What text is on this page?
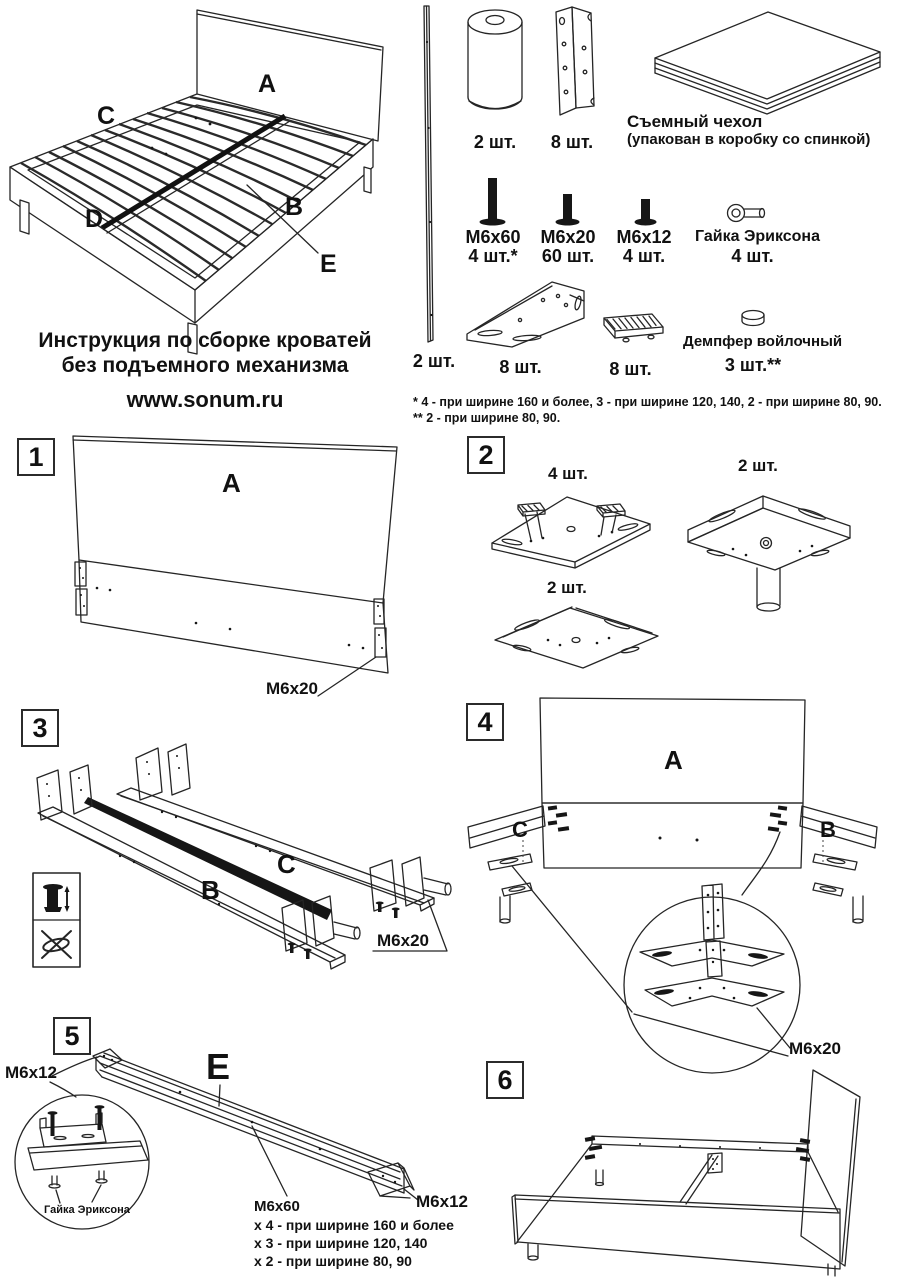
Инструкция по сборке кроватей
без подъемного механизма
www.sonum.ru
A
C
D	B
E
2 шт.
2 шт. 8 шт.
Съемный чехол
(упакован в коробку со спинкой)
M6x60
4 шт.*
M6x20
60 шт.
M6x12
4 шт.
Гайка Эриксона
4 шт.
8 шт.	8 шт.
Демпфер войлочный
3 шт.**
* 4 - при ширине 160 и более, 3 - при ширине 120, 140, 2 - при ширине 80, 90.
** 2 - при ширине 80, 90.
1	2
3	4
5
6
A
M6x20
4 шт.	2 шт.
2 шт.
C
B
M6x20
A
C	B
M6x20
M6x12	E
Гайка Эриксона	M6x60
x 4 - при ширине 160 и более
x 3 - при ширине 120, 140
x 2 - при ширине 80, 90
M6x12
